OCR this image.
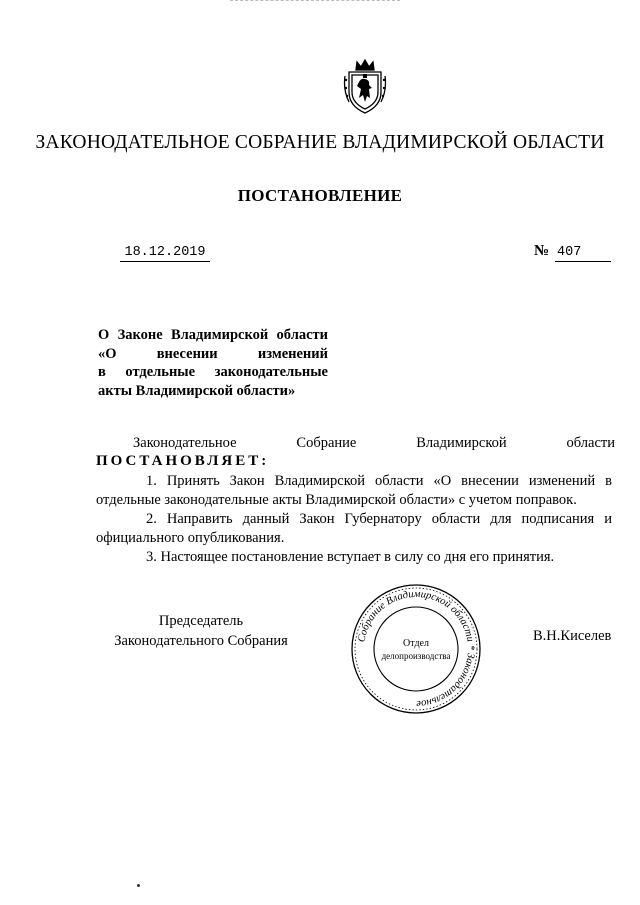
ЗАКОНОДАТЕЛЬНОЕ СОБРАНИЕ ВЛАДИМИРСКОЙ ОБЛАСТИ
ПОСТАНОВЛЕНИЕ
18.12.2019	№ 407
О Законе Владимирской области
«О внесении изменений
в отдельные законодательные
акты Владимирской области»
Законодательное Собрание Владимирской области
ПОСТАНОВЛЯЕТ:

1. Принять Закон Владимирской области «О внесении изменений в отдельные законодательные акты Владимирской области» с учетом поправок.

2. Направить данный Закон Губернатору области для подписания и официального опубликования.

3. Настоящее постановление вступает в силу со дня его принятия.

Председатель
Законодательного Собрания	Собрание Владимирской области * Законодательное
Отдел
делопроизводства
В.Н.Киселев
